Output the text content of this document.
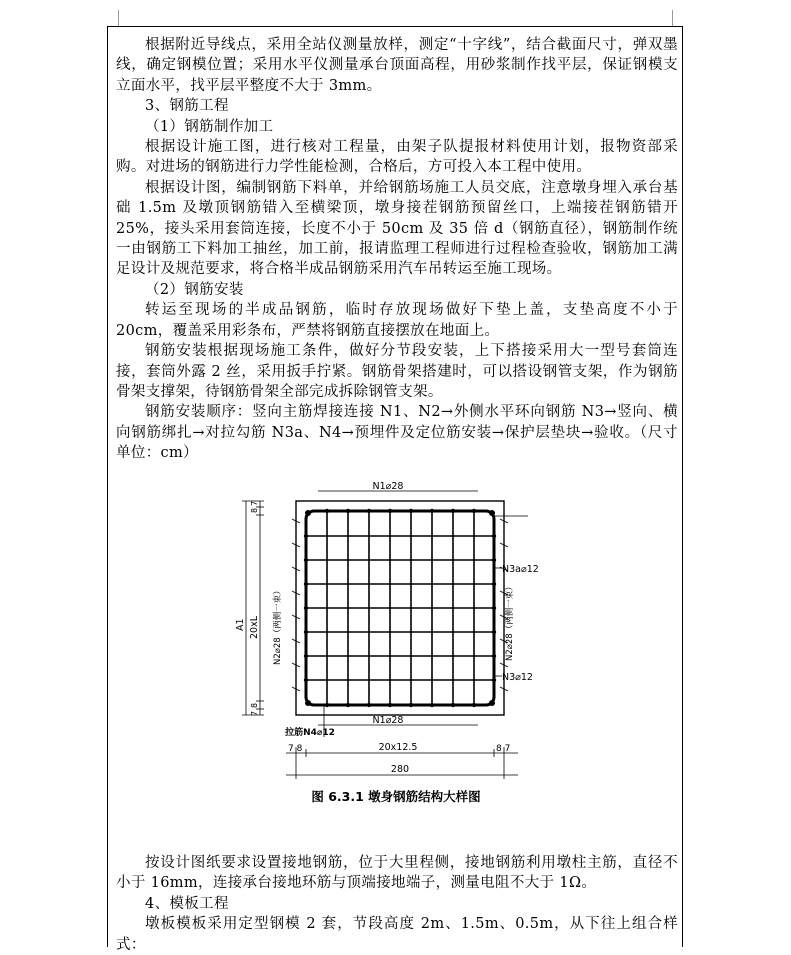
根据附近导线点，采用全站仪测量放样，测定“十字线”，结合截面尺寸，弹双墨线，确定钢模位置；采用水平仪测量承台顶面高程，用砂浆制作找平层，保证钢模支立面水平，找平层平整度不大于 3mm。

3、钢筋工程

（1）钢筋制作加工

根据设计施工图，进行核对工程量，由架子队提报材料使用计划，报物资部采购。对进场的钢筋进行力学性能检测，合格后，方可投入本工程中使用。

根据设计图，编制钢筋下料单，并给钢筋场施工人员交底，注意墩身埋入承台基础 1.5m 及墩顶钢筋错入至横梁顶，墩身接茬钢筋预留丝口，上端接茬钢筋错开 25%，接头采用套筒连接，长度不小于 50cm 及 35 倍 d（钢筋直径），钢筋制作统一由钢筋工下料加工抽丝，加工前，报请监理工程师进行过程检查验收，钢筋加工满足设计及规范要求，将合格半成品钢筋采用汽车吊转运至施工现场。

（2）钢筋安装

转运至现场的半成品钢筋，临时存放现场做好下垫上盖，支垫高度不小于 20cm，覆盖采用彩条布，严禁将钢筋直接摆放在地面上。

钢筋安装根据现场施工条件，做好分节段安装，上下搭接采用大一型号套筒连接，套筒外露 2 丝，采用扳手拧紧。钢筋骨架搭建时，可以搭设钢管支架，作为钢筋骨架支撑架，待钢筋骨架全部完成拆除钢管支架。

钢筋安装顺序：竖向主筋焊接连接 N1、N2→外侧水平环向钢筋 N3→竖向、横向钢筋绑扎→对拉勾筋 N3a、N4→预埋件及定位筋安装→保护层垫块→验收。（尺寸单位：cm）

N1⌀28
N3a⌀12
N3⌀12
N2⌀28（两侧一束）
N2⌀28（两侧一束）
A1 20xL
8
7
8
7
N1⌀28
拉筋N4⌀12
7 8	20x12.5	8 7
280
图 6.3.1 墩身钢筋结构大样图

按设计图纸要求设置接地钢筋，位于大里程侧，接地钢筋利用墩柱主筋，直径不小于 16mm，连接承台接地环筋与顶端接地端子，测量电阻不大于 1Ω。

4、模板工程

墩板模板采用定型钢模 2 套，节段高度 2m、1.5m、0.5m，从下往上组合样式：
